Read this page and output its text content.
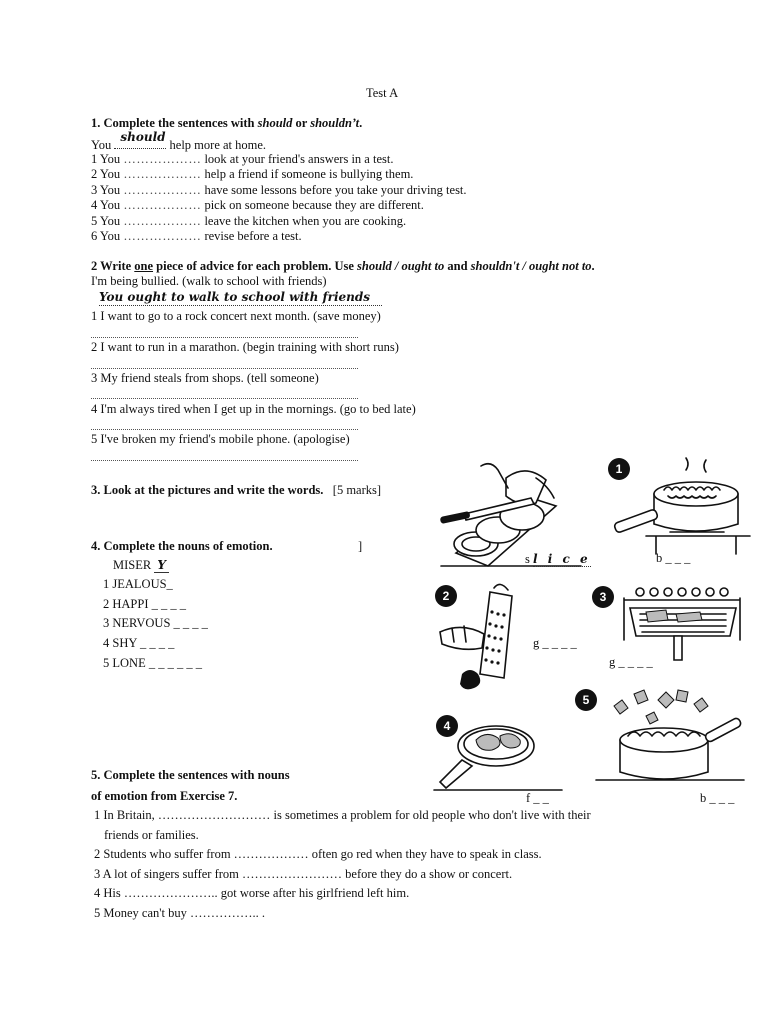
Test A
1. Complete the sentences with should or shouldn’t.
You
should
help more at home.
1 You ……………… look at your friend's answers in a test.
2 You ……………… help a friend if someone is bullying them.
3 You ……………… have some lessons before you take your driving test.
4 You ……………… pick on someone because they are different.
5 You ……………… leave the kitchen when you are cooking.
6 You ……………… revise before a test.
2 Write one piece of advice for each problem. Use should / ought to and shouldn't / ought not to.
I'm being bullied. (walk to school with friends)
You ought to walk to school with friends
1 I want to go to a rock concert next month. (save money)
2 I want to run in a marathon. (begin training with short runs)
3 My friend steals from shops. (tell someone)
4 I'm always tired when I get up in the mornings. (go to bed late)
5 I've broken my friend's mobile phone. (apologise)
3. Look at the pictures and write the words. [5 marks]
4. Complete the nouns of emotion.	]
MISER Y
1 JEALOUS_
2 HAPPI _ _ _ _
3 NERVOUS _ _ _ _
4 SHY _ _ _ _
5 LONE _ _ _ _ _ _
5. Complete the sentences with nouns
of emotion from Exercise 7.
1 In Britain, ……………………… is sometimes a problem for old people who don't live with their
friends or families.
2 Students who suffer from ……………… often go red when they have to speak in class.
3 A lot of singers suffer from …………………… before they do a show or concert.
4 His ………………….. got worse after his girlfriend left him.
5 Money can't buy …………….. .
s l i c e
1
b _ _ _
2
g _ _ _ _
3
g _ _ _ _
4
f _ _
5
b _ _ _
